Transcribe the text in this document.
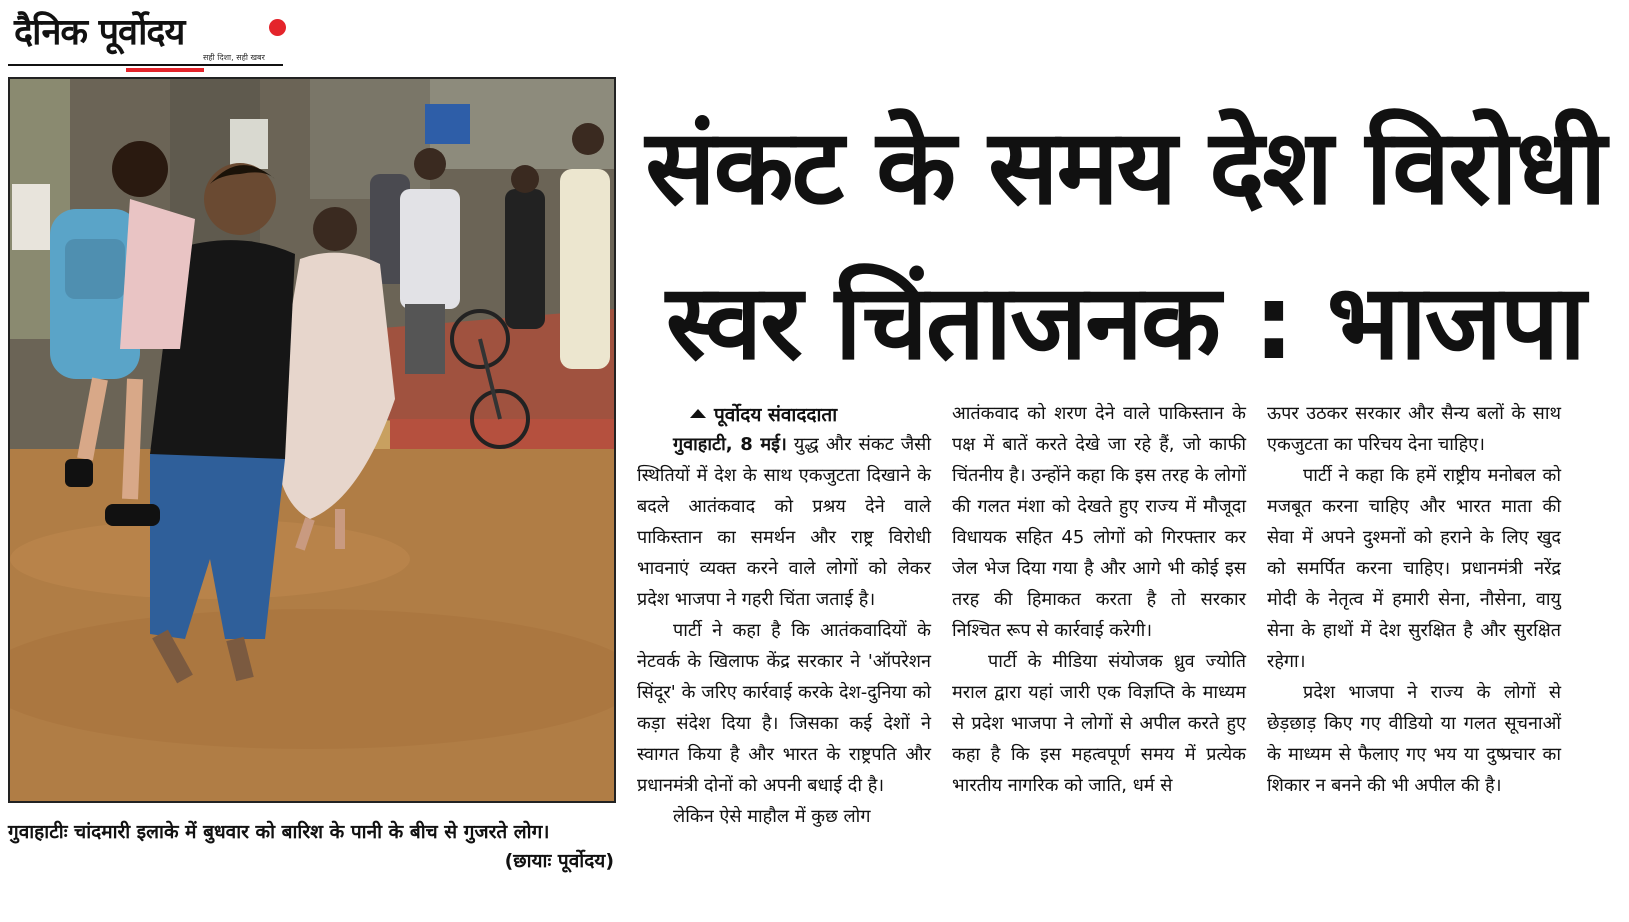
दैनिक पूर्वोदय
सही दिशा, सही खबर
गुवाहाटीः चांदमारी इलाके में बुधवार को बारिश के पानी के बीच से गुजरते लोग।
(छायाः पूर्वोदय)
संकट के समय देश विरोधी
स्वर चिंताजनक : भाजपा
पूर्वोदय संवाददाता

गुवाहाटी, 8 मई। युद्ध और संकट जैसी स्थितियों में देश के साथ एकजुटता दिखाने के बदले आतंकवाद को प्रश्रय देने वाले पाकिस्तान का समर्थन और राष्ट्र विरोधी भावनाएं व्यक्त करने वाले लोगों को लेकर प्रदेश भाजपा ने गहरी चिंता जताई है।

पार्टी ने कहा है कि आतंकवादियों के नेटवर्क के खिलाफ केंद्र सरकार ने 'ऑपरेशन सिंदूर' के जरिए कार्रवाई करके देश-दुनिया को कड़ा संदेश दिया है। जिसका कई देशों ने स्वागत किया है और भारत के राष्ट्रपति और प्रधानमंत्री दोनों को अपनी बधाई दी है।

लेकिन ऐसे माहौल में कुछ लोग

आतंकवाद को शरण देने वाले पाकिस्तान के पक्ष में बातें करते देखे जा रहे हैं, जो काफी चिंतनीय है। उन्होंने कहा कि इस तरह के लोगों की गलत मंशा को देखते हुए राज्य में मौजूदा विधायक सहित 45 लोगों को गिरफ्तार कर जेल भेज दिया गया है और आगे भी कोई इस तरह की हिमाकत करता है तो सरकार निश्चित रूप से कार्रवाई करेगी।

पार्टी के मीडिया संयोजक ध्रुव ज्योति मराल द्वारा यहां जारी एक विज्ञप्ति के माध्यम से प्रदेश भाजपा ने लोगों से अपील करते हुए कहा है कि इस महत्वपूर्ण समय में प्रत्येक भारतीय नागरिक को जाति, धर्म से

ऊपर उठकर सरकार और सैन्य बलों के साथ एकजुटता का परिचय देना चाहिए।

पार्टी ने कहा कि हमें राष्ट्रीय मनोबल को मजबूत करना चाहिए और भारत माता की सेवा में अपने दुश्मनों को हराने के लिए खुद को समर्पित करना चाहिए। प्रधानमंत्री नरेंद्र मोदी के नेतृत्व में हमारी सेना, नौसेना, वायु सेना के हाथों में देश सुरक्षित है और सुरक्षित रहेगा।

प्रदेश भाजपा ने राज्य के लोगों से छेड़छाड़ किए गए वीडियो या गलत सूचनाओं के माध्यम से फैलाए गए भय या दुष्प्रचार का शिकार न बनने की भी अपील की है।
